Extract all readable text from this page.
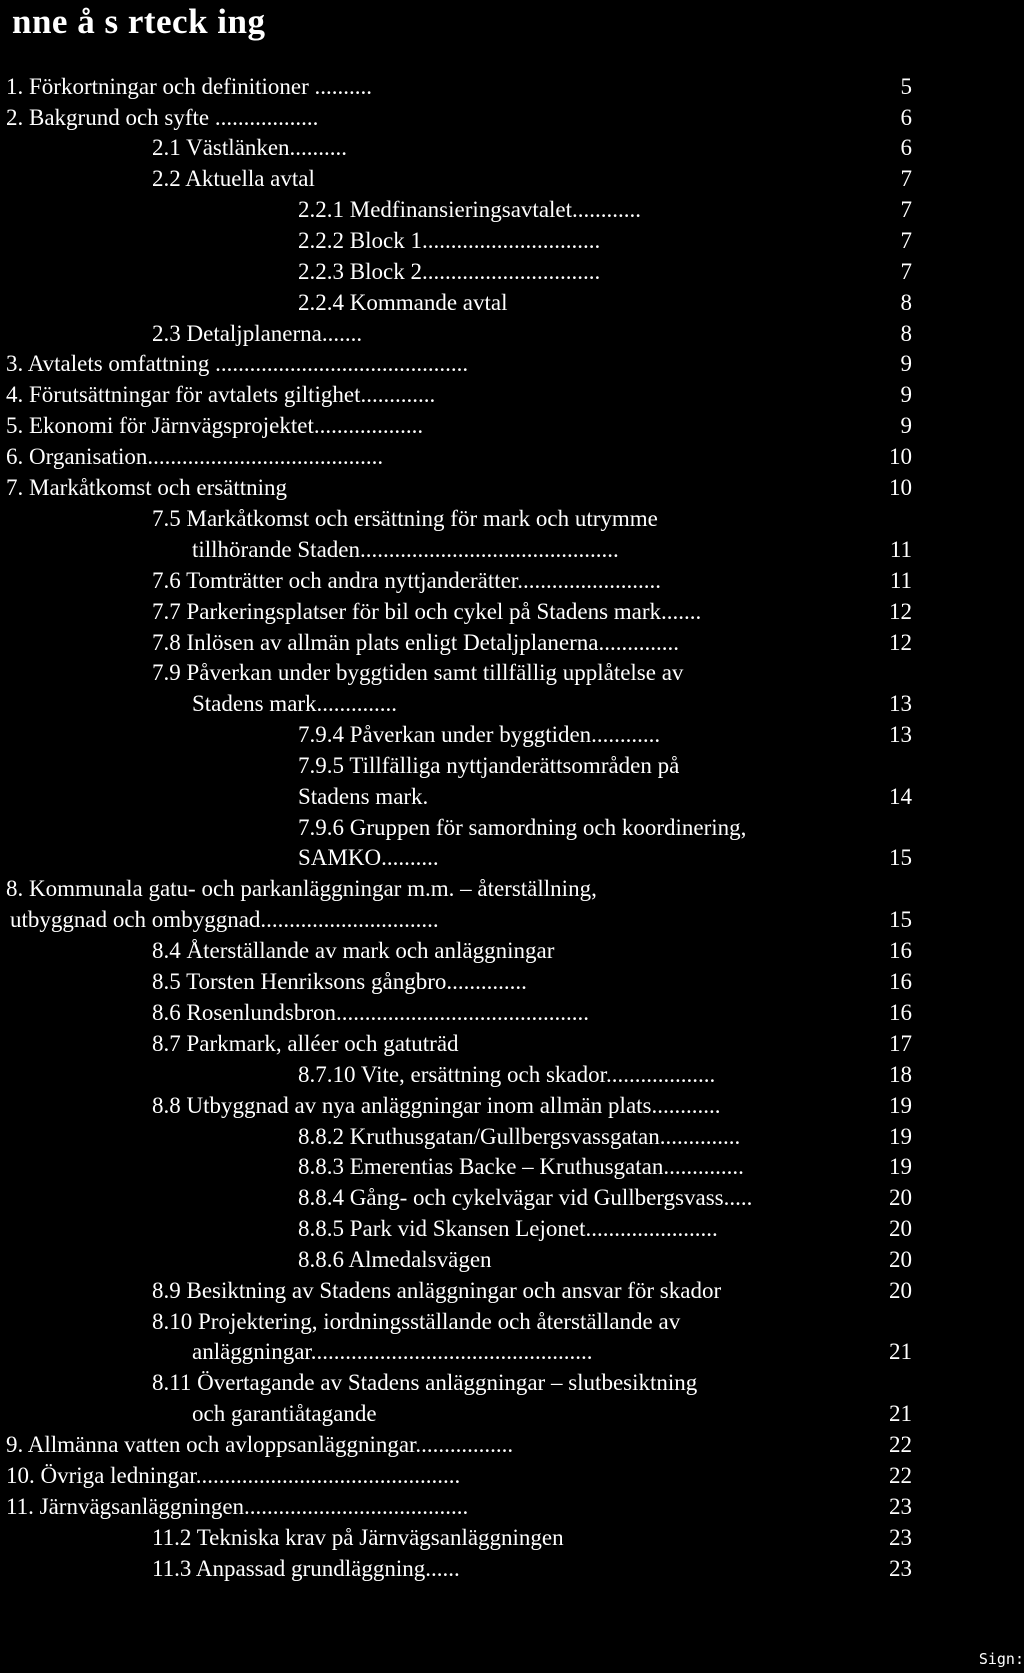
nne å s rteck ing
1. Förkortningar och definitioner ..........	5
2. Bakgrund och syfte ..................	6
2.1 Västlänken..........	6
2.2 Aktuella avtal	7
2.2.1 Medfinansieringsavtalet............	7
2.2.2 Block 1...............................	7
2.2.3 Block 2...............................	7
2.2.4 Kommande avtal	8
2.3 Detaljplanerna.......	8
3. Avtalets omfattning ............................................	9
4. Förutsättningar för avtalets giltighet.............	9
5. Ekonomi för Järnvägsprojektet...................	9
6. Organisation.........................................	10
7. Markåtkomst och ersättning	10
7.5 Markåtkomst och ersättning för mark och utrymme
tillhörande Staden.............................................	11
7.6 Tomträtter och andra nyttjanderätter.........................	11
7.7 Parkeringsplatser för bil och cykel på Stadens mark.......	12
7.8 Inlösen av allmän plats enligt Detaljplanerna..............	12
7.9 Påverkan under byggtiden samt tillfällig upplåtelse av
Stadens mark..............	13
7.9.4 Påverkan under byggtiden............	13
7.9.5 Tillfälliga nyttjanderättsområden på
Stadens mark.	14
7.9.6 Gruppen för samordning och koordinering,
SAMKO..........	15
8. Kommunala gatu- och parkanläggningar m.m. – återställning,
utbyggnad och ombyggnad...............................	15
8.4 Återställande av mark och anläggningar	16
8.5 Torsten Henriksons gångbro..............	16
8.6 Rosenlundsbron............................................	16
8.7 Parkmark, alléer och gatuträd	17
8.7.10 Vite, ersättning och skador...................	18
8.8 Utbyggnad av nya anläggningar inom allmän plats............	19
8.8.2 Kruthusgatan/Gullbergsvassgatan..............	19
8.8.3 Emerentias Backe – Kruthusgatan..............	19
8.8.4 Gång- och cykelvägar vid Gullbergsvass.....	20
8.8.5 Park vid Skansen Lejonet.......................	20
8.8.6 Almedalsvägen	20
8.9 Besiktning av Stadens anläggningar och ansvar för skador	20
8.10 Projektering, iordningsställande och återställande av
anläggningar.................................................	21
8.11 Övertagande av Stadens anläggningar – slutbesiktning
och garantiåtagande	21
9. Allmänna vatten och avloppsanläggningar.................	22
10. Övriga ledningar..............................................	22
11. Järnvägsanläggningen.......................................	23
11.2 Tekniska krav på Järnvägsanläggningen	23
11.3 Anpassad grundläggning......	23
Sign:
